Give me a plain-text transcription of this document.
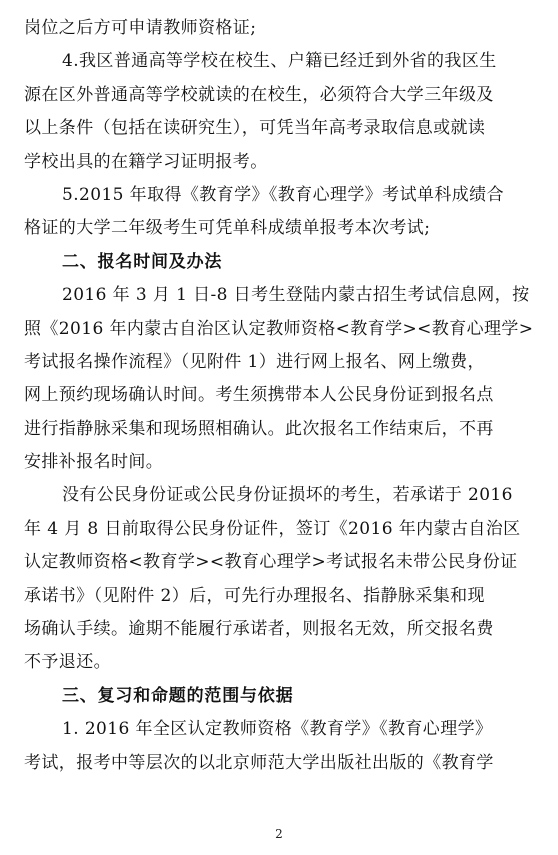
岗位之后方可申请教师资格证;
4.我区普通高等学校在校生、户籍已经迁到外省的我区生
源在区外普通高等学校就读的在校生，必须符合大学三年级及
以上条件（包括在读研究生），可凭当年高考录取信息或就读
学校出具的在籍学习证明报考。
5.2015 年取得《教育学》《教育心理学》考试单科成绩合
格证的大学二年级考生可凭单科成绩单报考本次考试;
二、报名时间及办法
2016 年 3 月 1 日-8 日考生登陆内蒙古招生考试信息网，按
照《2016 年内蒙古自治区认定教师资格<教育学><教育心理学>
考试报名操作流程》（见附件 1）进行网上报名、网上缴费，
网上预约现场确认时间。考生须携带本人公民身份证到报名点
进行指静脉采集和现场照相确认。此次报名工作结束后，不再
安排补报名时间。
没有公民身份证或公民身份证损坏的考生，若承诺于 2016
年 4 月 8 日前取得公民身份证件，签订《2016 年内蒙古自治区
认定教师资格<教育学><教育心理学>考试报名未带公民身份证
承诺书》（见附件 2）后，可先行办理报名、指静脉采集和现
场确认手续。逾期不能履行承诺者，则报名无效，所交报名费
不予退还。
三、复习和命题的范围与依据
1. 2016 年全区认定教师资格《教育学》《教育心理学》
考试，报考中等层次的以北京师范大学出版社出版的《教育学
2
